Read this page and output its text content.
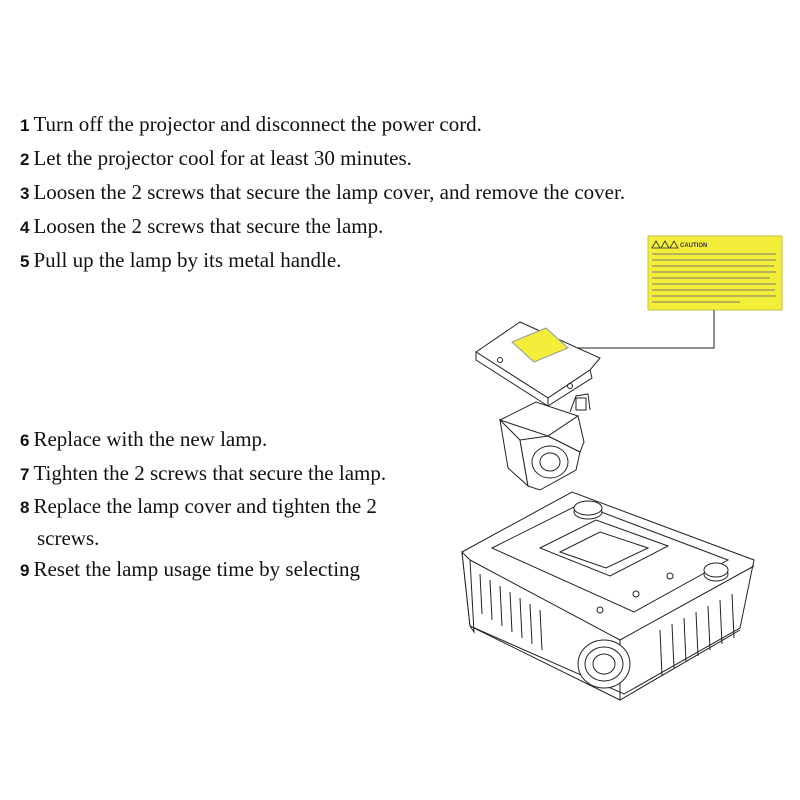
1 Turn off the projector and disconnect the power cord.
2 Let the projector cool for at least 30 minutes.
3 Loosen the 2 screws that secure the lamp cover, and remove the cover.
4 Loosen the 2 screws that secure the lamp.
5 Pull up the lamp by its metal handle.
6 Replace with the new lamp.
7 Tighten the 2 screws that secure the lamp.
8 Replace the lamp cover and tighten the 2
screws.
9 Reset the lamp usage time by selecting
CAUTION
